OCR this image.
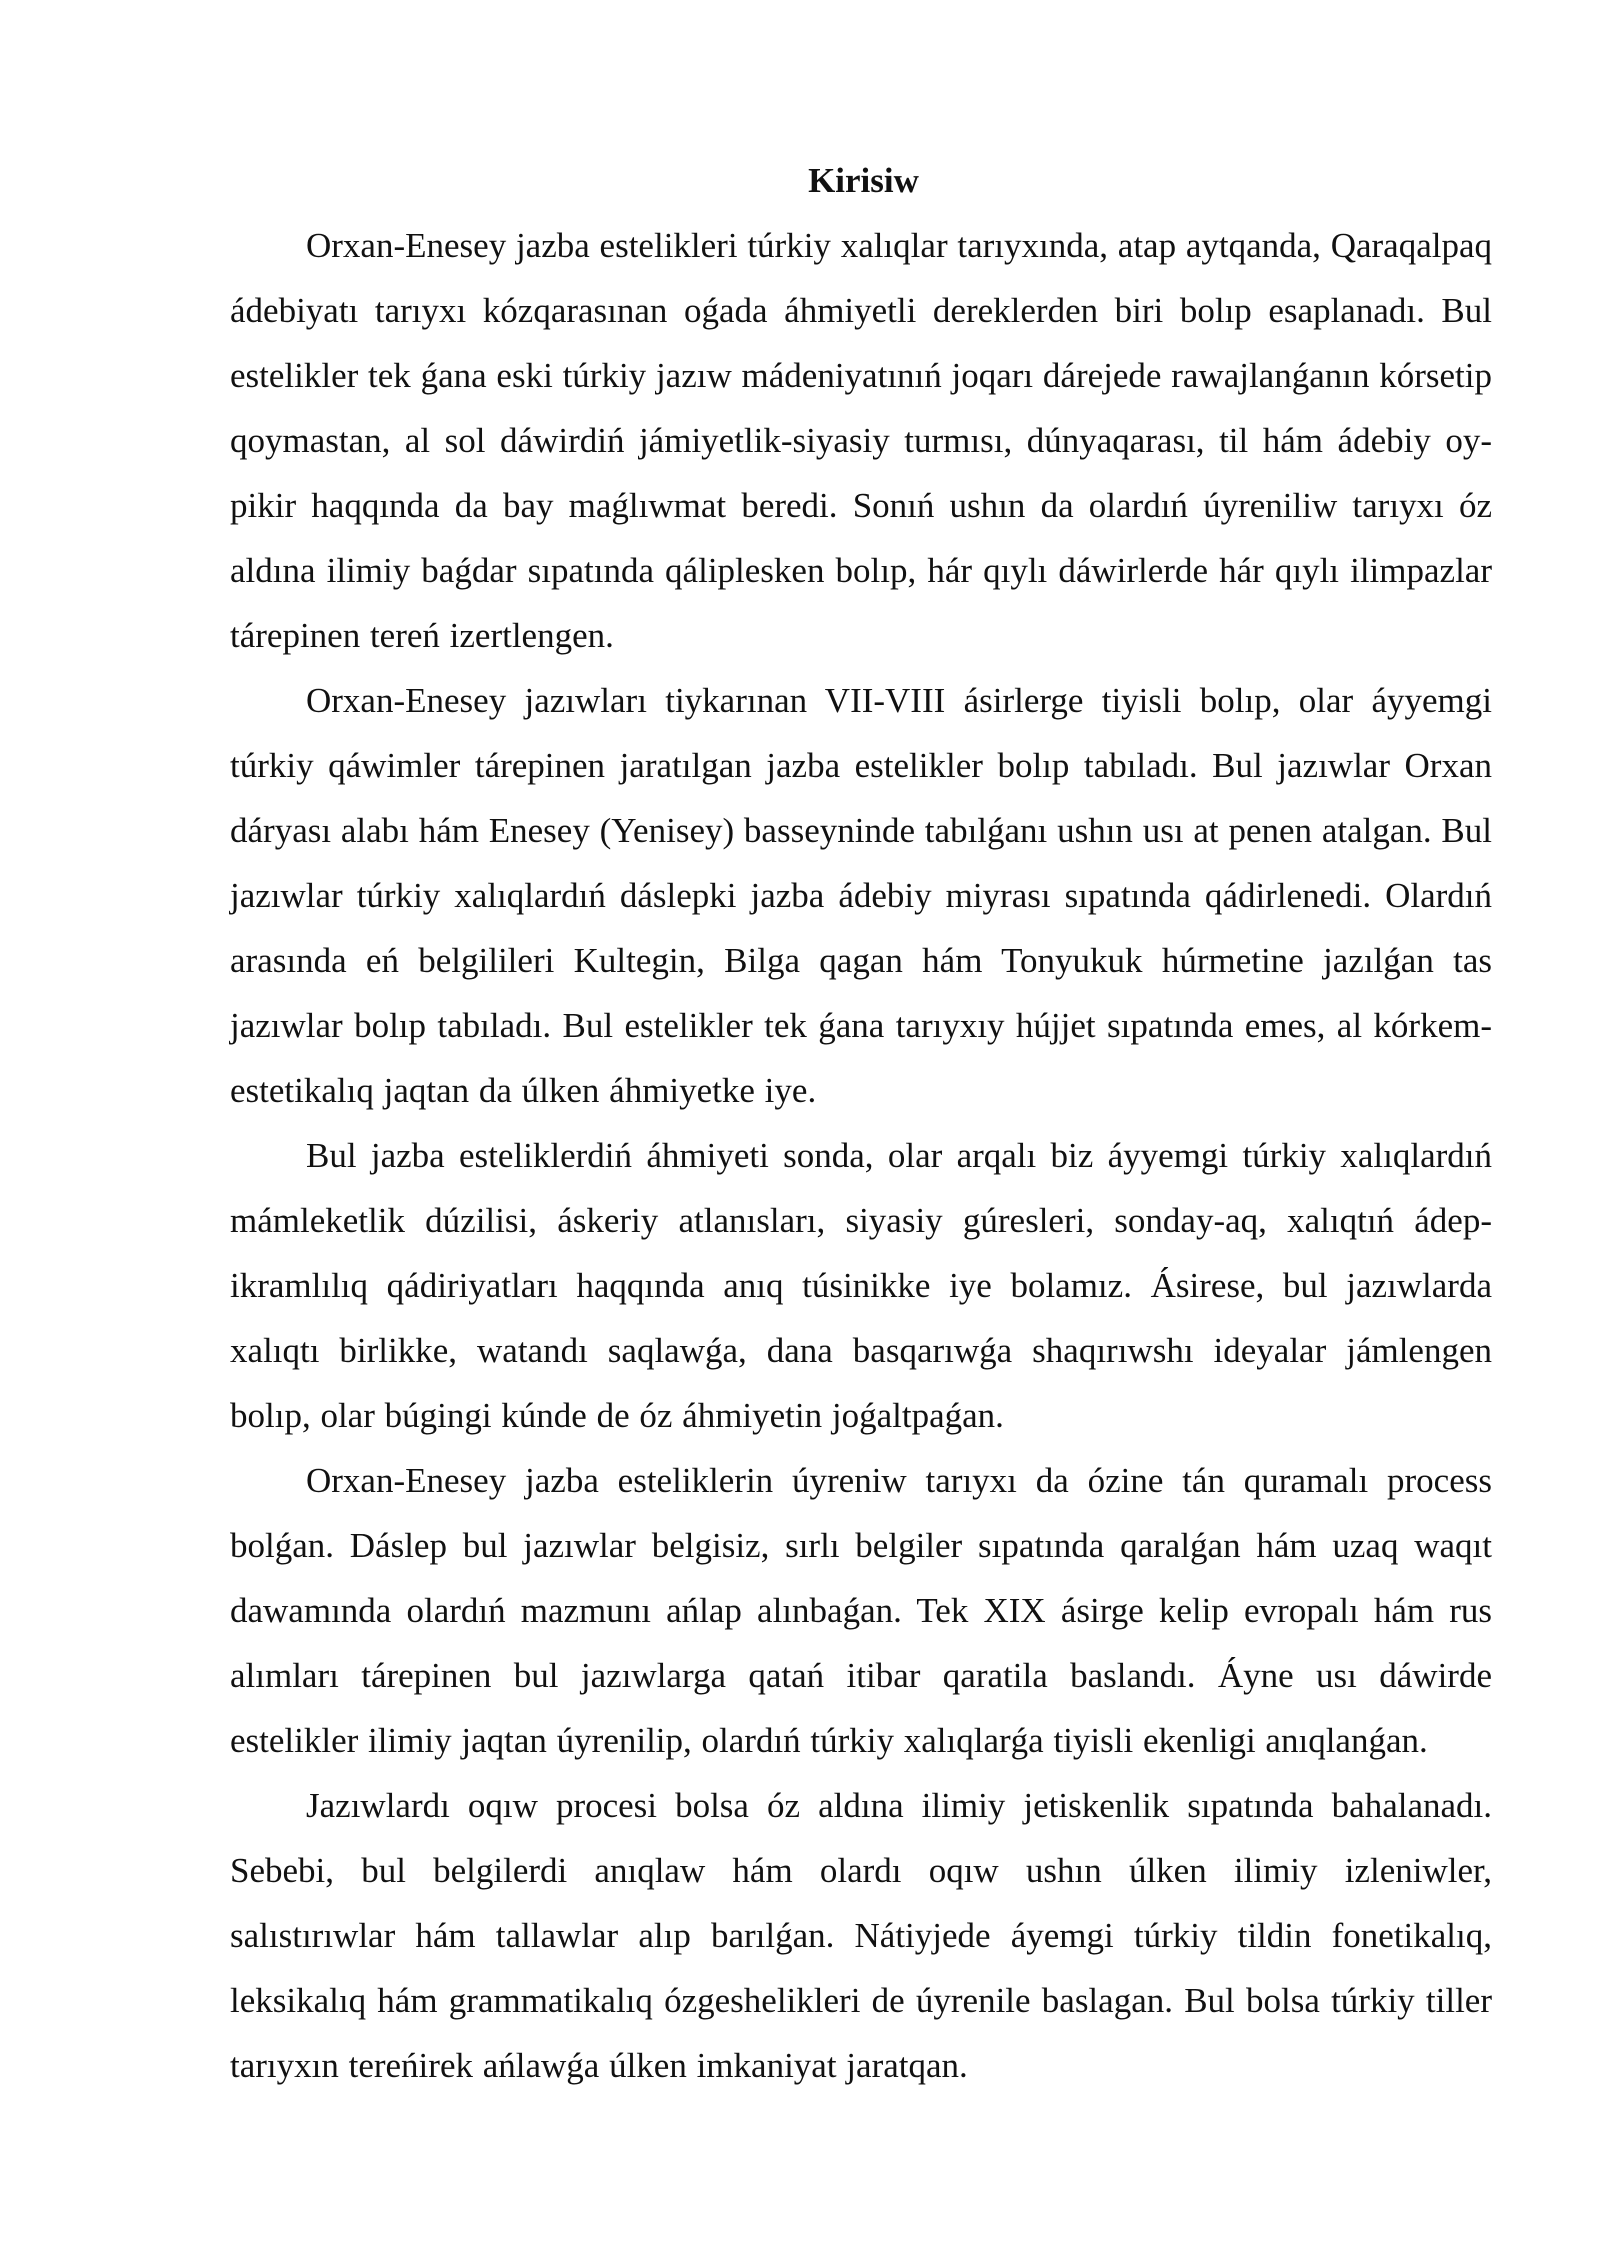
Kirisiw

Orxan-Enesey jazba estelikleri túrkiy xalıqlar tarıyxında, atap aytqanda, Qaraqalpaq ádebiyatı tarıyxı kózqarasınan oǵada áhmiyetli dereklerden biri bolıp esaplanadı. Bul estelikler tek ǵana eski túrkiy jazıw mádeniyatınıń joqarı dárejede rawajlanǵanın kórsetip qoymastan, al sol dáwirdiń jámiyetlik-siyasiy turmısı, dúnyaqarası, til hám ádebiy oy-pikir haqqında da bay maǵlıwmat beredi. Sonıń ushın da olardıń úyreniliw tarıyxı óz aldına ilimiy baǵdar sıpatında qáliplesken bolıp, hár qıylı dáwirlerde hár qıylı ilimpazlar tárepinen tereń izertlengen.

Orxan-Enesey jazıwları tiykarınan VII-VIII ásirlerge tiyisli bolıp, olar áyyemgi túrkiy qáwimler tárepinen jaratılgan jazba estelikler bolıp tabıladı. Bul jazıwlar Orxan dáryası alabı hám Enesey (Yenisey) basseyninde tabılǵanı ushın usı at penen atalgan. Bul jazıwlar túrkiy xalıqlardıń dáslepki jazba ádebiy miyrası sıpatında qádirlenedi. Olardıń arasında eń belgilileri Kultegin, Bilga qagan hám Tonyukuk húrmetine jazılǵan tas jazıwlar bolıp tabıladı. Bul estelikler tek ǵana tarıyxıy hújjet sıpatında emes, al kórkem-estetikalıq jaqtan da úlken áhmiyetke iye.

Bul jazba esteliklerdiń áhmiyeti sonda, olar arqalı biz áyyemgi túrkiy xalıqlardıń mámleketlik dúzilisi, áskeriy atlanısları, siyasiy gúresleri, sonday-aq, xalıqtıń ádep-ikramlılıq qádiriyatları haqqında anıq túsinikke iye bolamız. Ásirese, bul jazıwlarda xalıqtı birlikke, watandı saqlawǵa, dana basqarıwǵa shaqırıwshı ideyalar jámlengen bolıp, olar búgingi kúnde de óz áhmiyetin joǵaltpaǵan.

Orxan-Enesey jazba esteliklerin úyreniw tarıyxı da ózine tán quramalı process bolǵan. Dáslep bul jazıwlar belgisiz, sırlı belgiler sıpatında qaralǵan hám uzaq waqıt dawamında olardıń mazmunı ańlap alınbaǵan. Tek XIX ásirge kelip evropalı hám rus alımları tárepinen bul jazıwlarga qatań itibar qaratila baslandı. Áyne usı dáwirde estelikler ilimiy jaqtan úyrenilip, olardıń túrkiy xalıqlarǵa tiyisli ekenligi anıqlanǵan.

Jazıwlardı oqıw procesi bolsa óz aldına ilimiy jetiskenlik sıpatında bahalanadı. Sebebi, bul belgilerdi anıqlaw hám olardı oqıw ushın úlken ilimiy izleniwler, salıstırıwlar hám tallawlar alıp barılǵan. Nátiyjede áyemgi túrkiy tildin fonetikalıq, leksikalıq hám grammatikalıq ózgeshelikleri de úyrenile baslagan. Bul bolsa túrkiy tiller tarıyxın tereńirek ańlawǵa úlken imkaniyat jaratqan.
